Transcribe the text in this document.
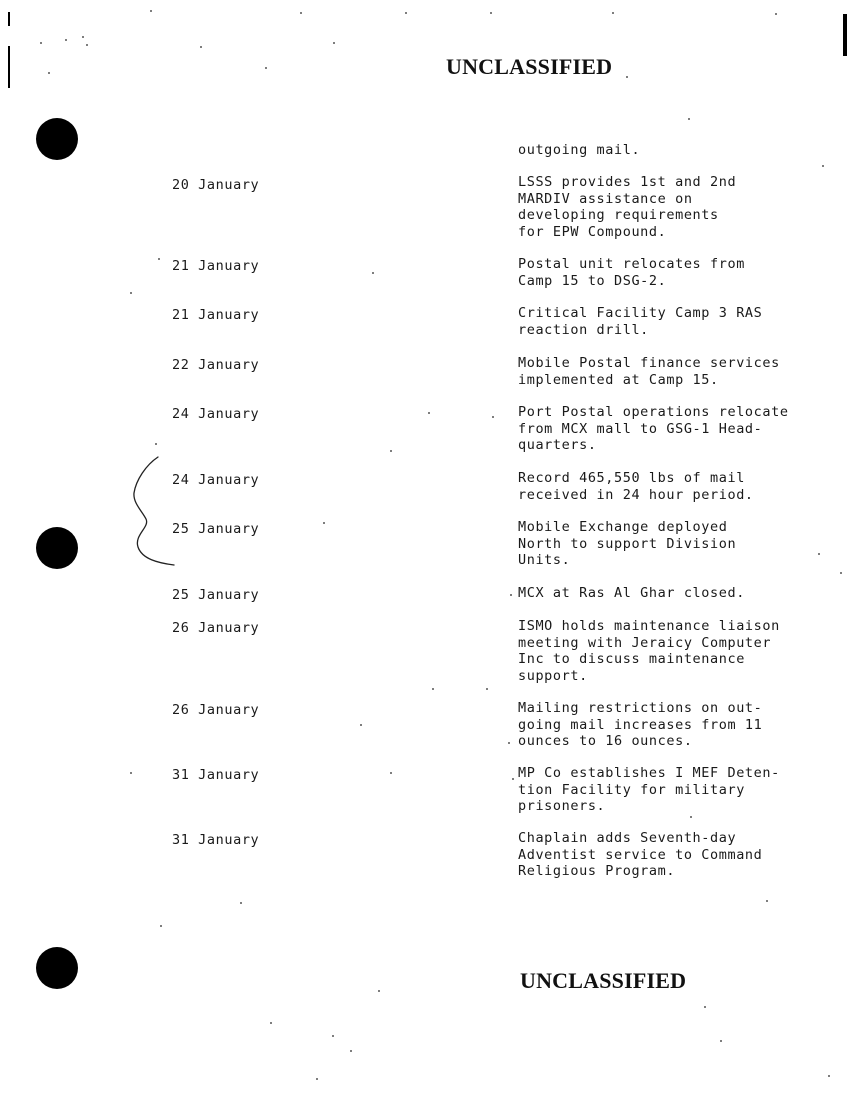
UNCLASSIFIED
outgoing mail.
20 January	LSSS provides 1st and 2nd
MARDIV assistance on
developing requirements
for EPW Compound.
21 January	Postal unit relocates from
Camp 15 to DSG-2.
21 January	Critical Facility Camp 3 RAS
reaction drill.
22 January	Mobile Postal finance services
implemented at Camp 15.
24 January	Port Postal operations relocate
from MCX mall to GSG-1 Head-
quarters.
24 January	Record 465,550 lbs of mail
received in 24 hour period.
25 January	Mobile Exchange deployed
North to support Division
Units.
25 January	MCX at Ras Al Ghar closed.
26 January	ISMO holds maintenance liaison
meeting with Jeraicy Computer
Inc to discuss maintenance
support.
26 January	Mailing restrictions on out-
going mail increases from 11
ounces to 16 ounces.
31 January	MP Co establishes I MEF Deten-
tion Facility for military
prisoners.
31 January	Chaplain adds Seventh-day
Adventist service to Command
Religious Program.
UNCLASSIFIED
